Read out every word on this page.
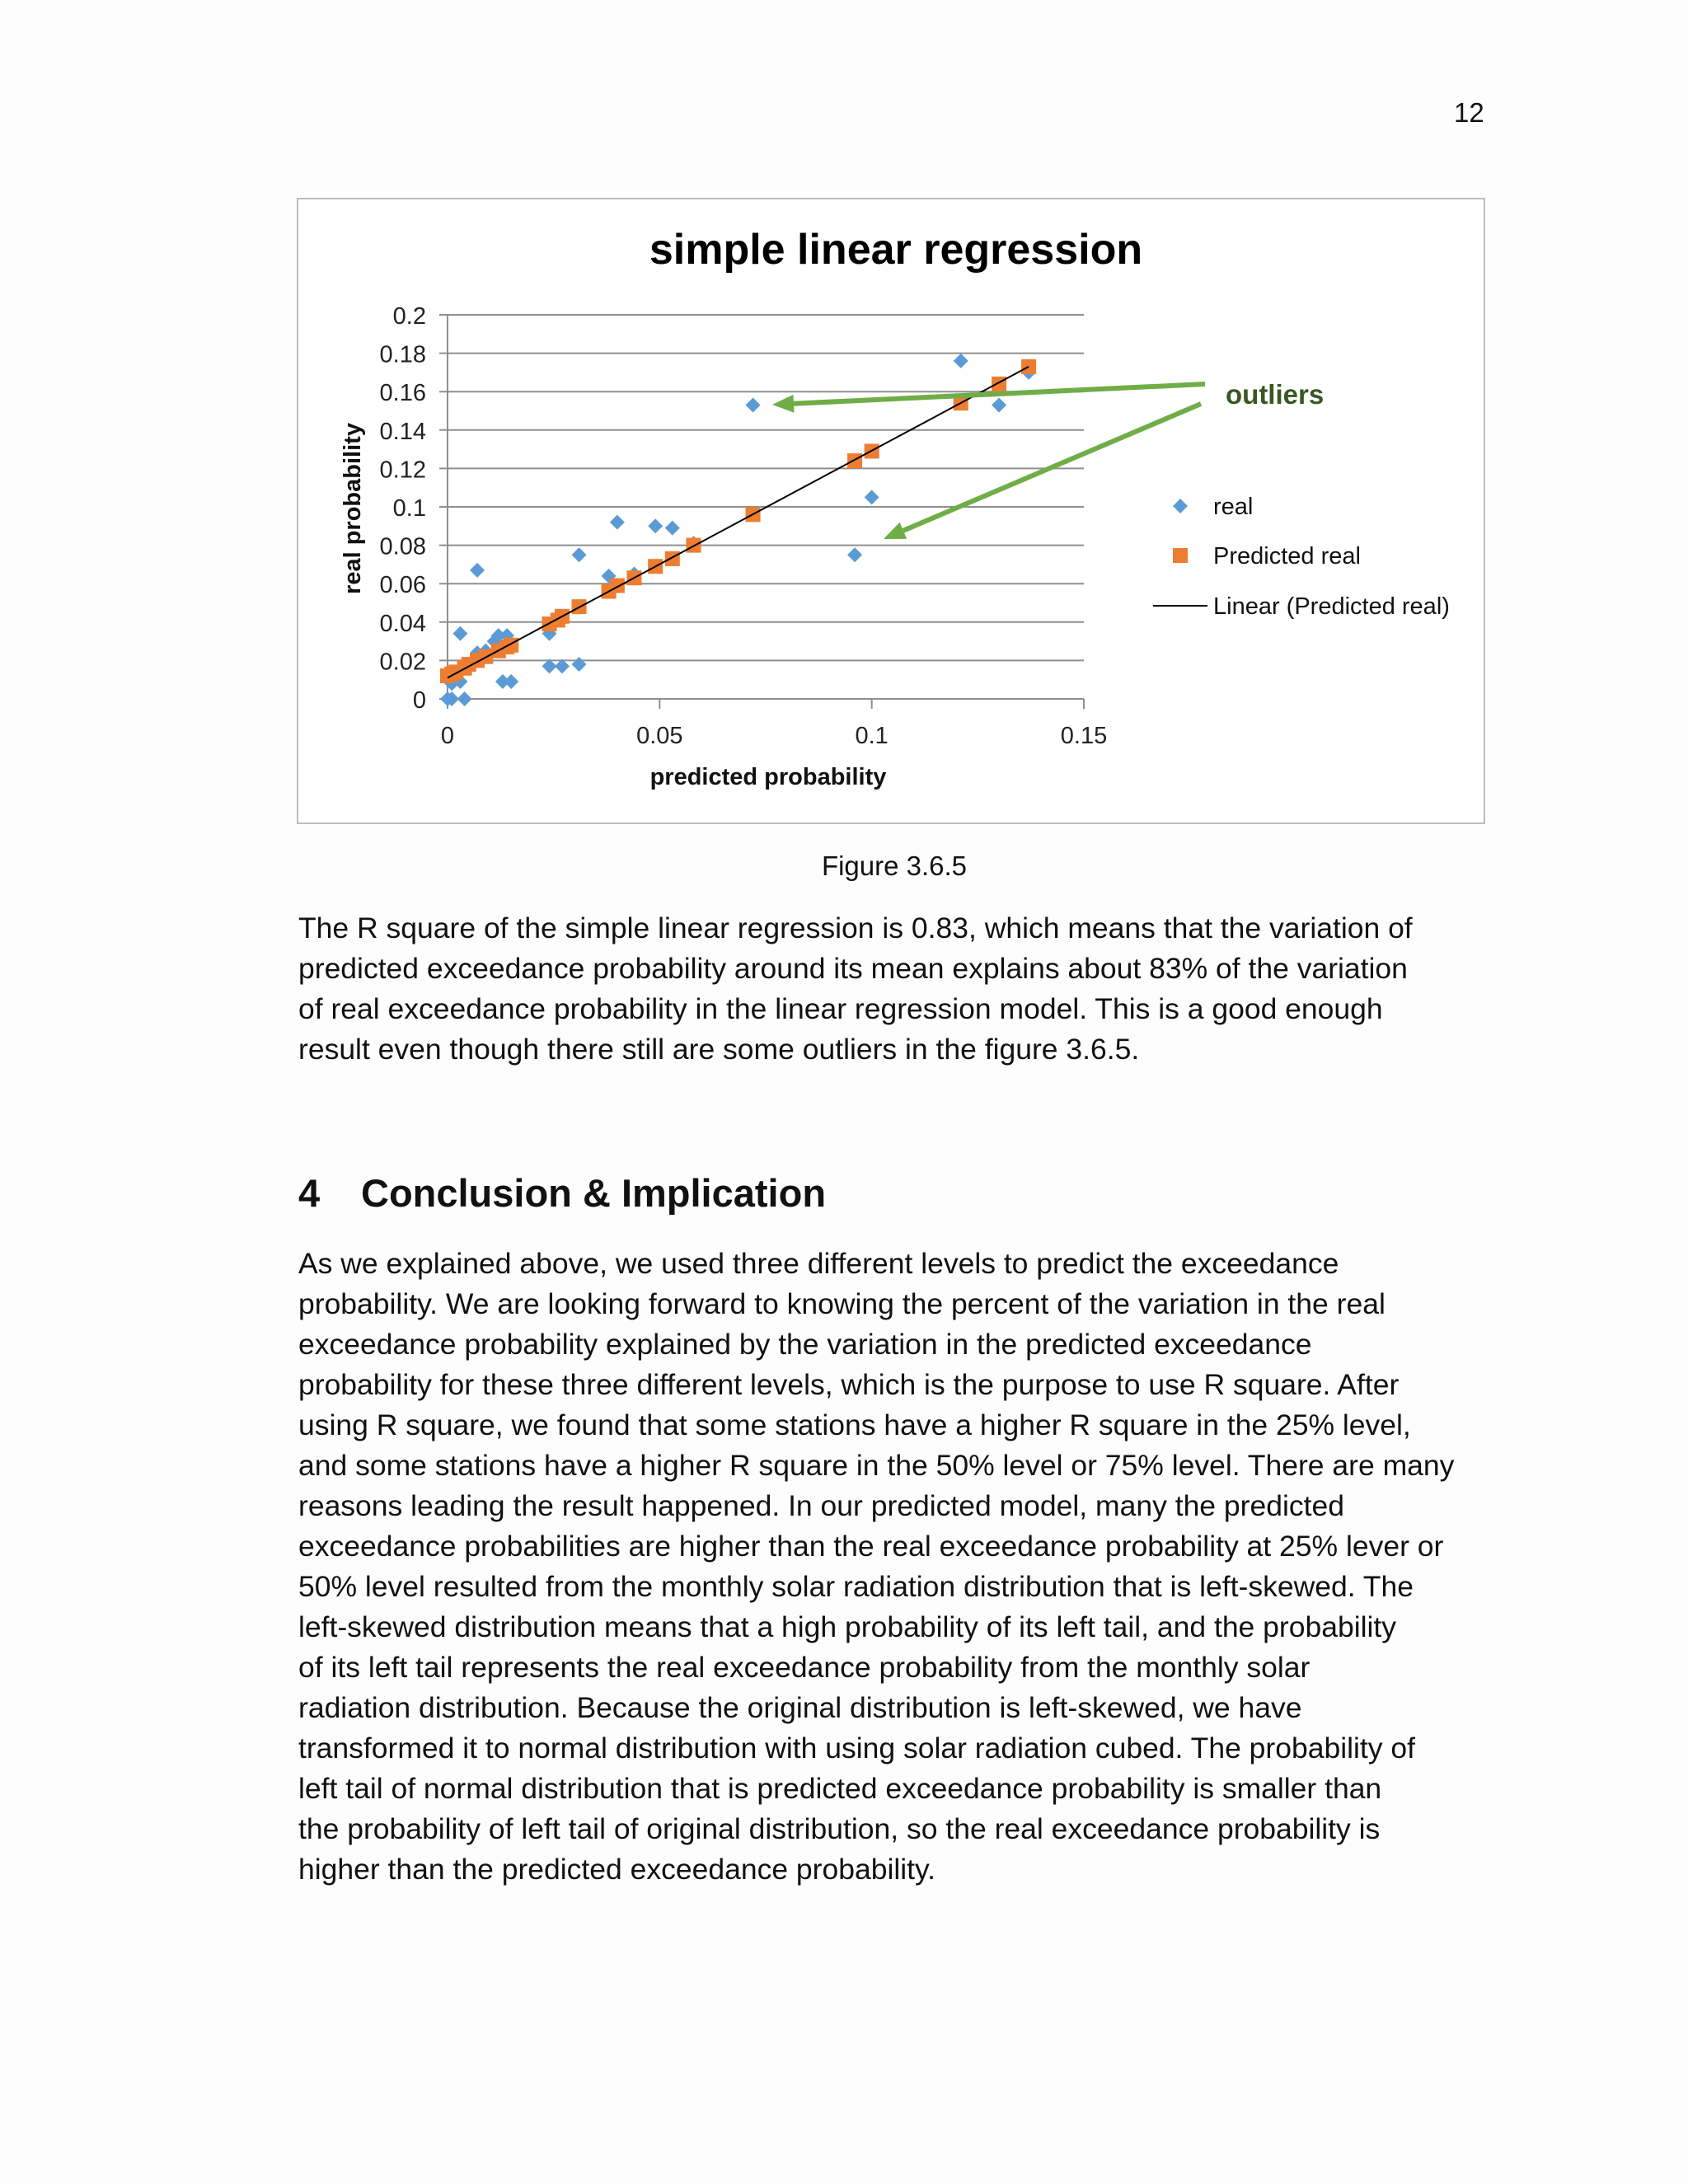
12
simple linear regression
0
0.02
0.04
0.06
0.08
0.1
0.12
0.14
0.16
0.18
0.2
0	0.05	0.1	0.15
predicted probability
real probability
outliers
real
Predicted real
Linear (Predicted real)
Figure 3.6.5
The R square of the simple linear regression is 0.83, which means that the variation of
predicted exceedance probability around its mean explains about 83% of the variation
of real exceedance probability in the linear regression model. This is a good enough
result even though there still are some outliers in the figure 3.6.5.
4 Conclusion & Implication
As we explained above, we used three different levels to predict the exceedance
probability. We are looking forward to knowing the percent of the variation in the real
exceedance probability explained by the variation in the predicted exceedance
probability for these three different levels, which is the purpose to use R square. After
using R square, we found that some stations have a higher R square in the 25% level,
and some stations have a higher R square in the 50% level or 75% level. There are many
reasons leading the result happened. In our predicted model, many the predicted
exceedance probabilities are higher than the real exceedance probability at 25% lever or
50% level resulted from the monthly solar radiation distribution that is left-skewed. The
left-skewed distribution means that a high probability of its left tail, and the probability
of its left tail represents the real exceedance probability from the monthly solar
radiation distribution. Because the original distribution is left-skewed, we have
transformed it to normal distribution with using solar radiation cubed. The probability of
left tail of normal distribution that is predicted exceedance probability is smaller than
the probability of left tail of original distribution, so the real exceedance probability is
higher than the predicted exceedance probability.
